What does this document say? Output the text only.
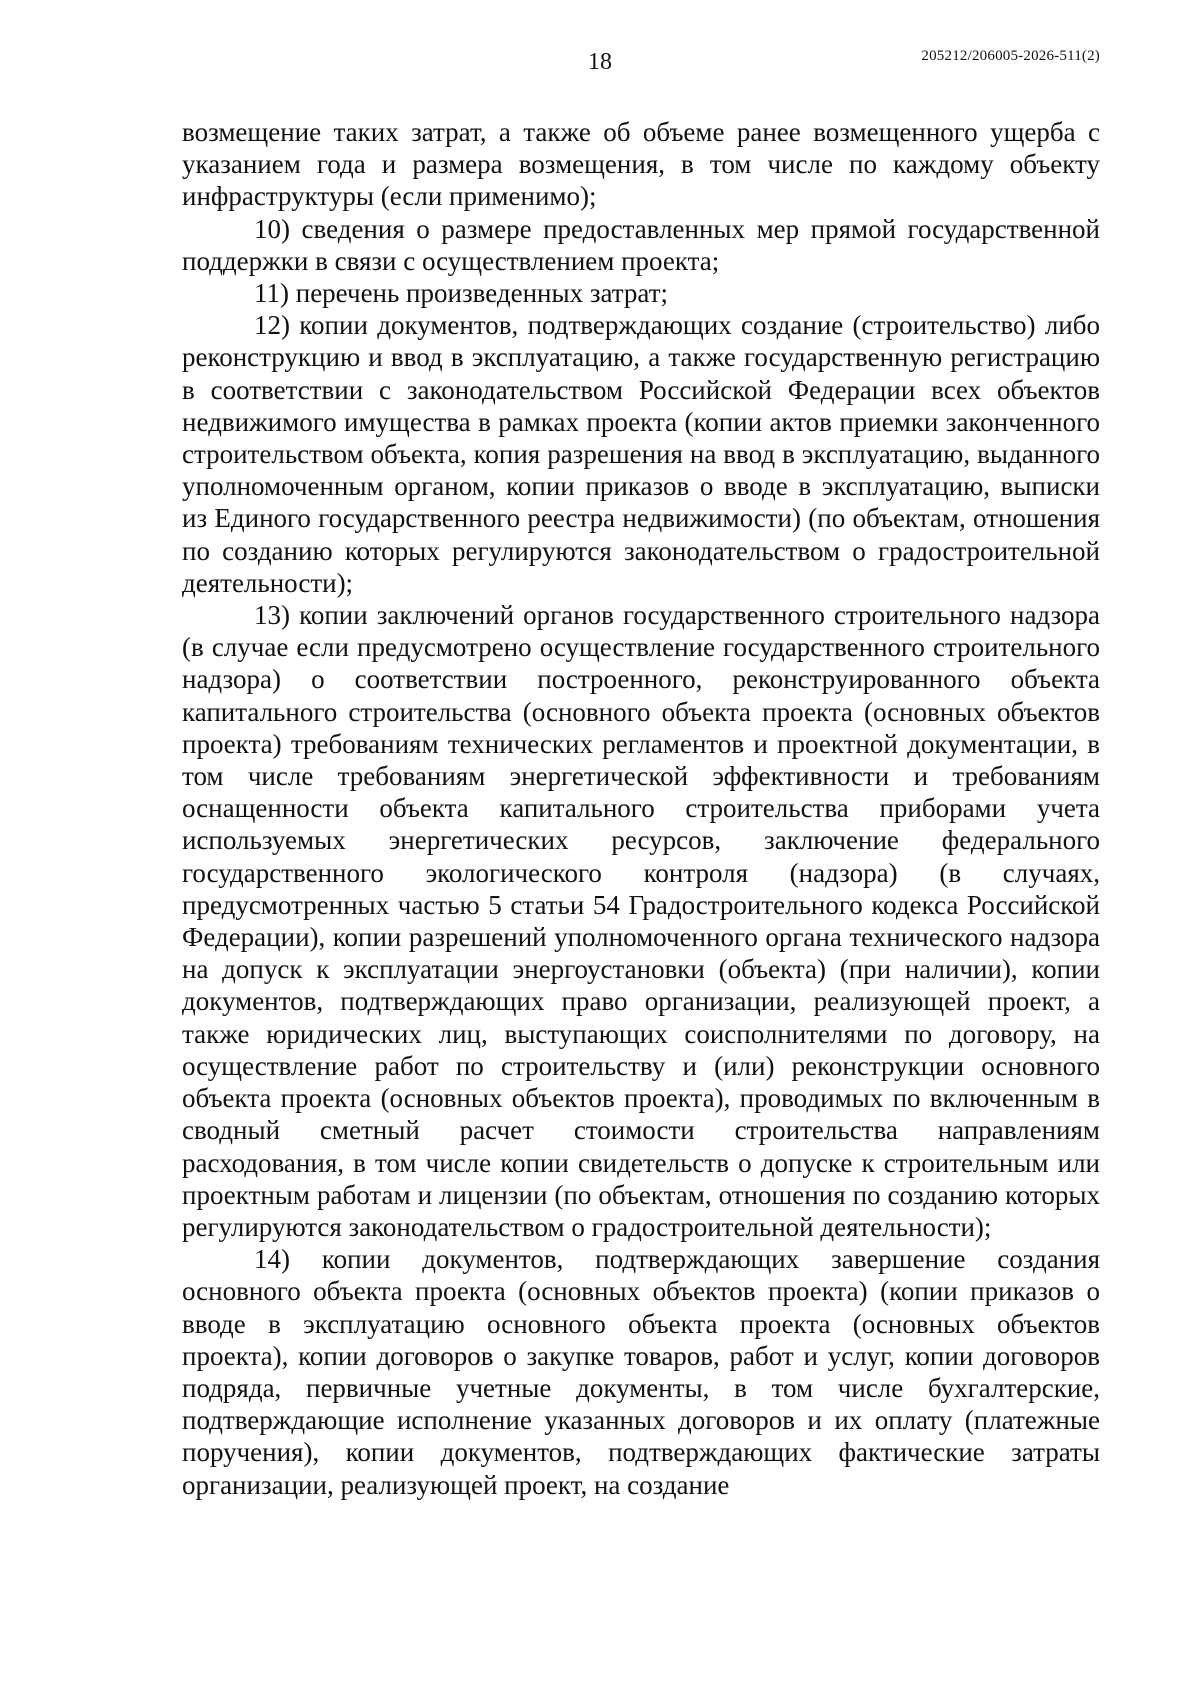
18	205212/206005-2026-511(2)

возмещение таких затрат, а также об объеме ранее возмещенного ущерба с указанием года и размера возмещения, в том числе по каждому объекту инфраструктуры (если применимо);

10) сведения о размере предоставленных мер прямой государственной поддержки в связи с осуществлением проекта;

11) перечень произведенных затрат;

12) копии документов, подтверждающих создание (строительство) либо реконструкцию и ввод в эксплуатацию, а также государственную регистрацию в соответствии с законодательством Российской Федерации всех объектов недвижимого имущества в рамках проекта (копии актов приемки законченного строительством объекта, копия разрешения на ввод в эксплуатацию, выданного уполномоченным органом, копии приказов о вводе в эксплуатацию, выписки из Единого государственного реестра недвижимости) (по объектам, отношения по созданию которых регулируются законодательством о градостроительной деятельности);

13) копии заключений органов государственного строительного надзора (в случае если предусмотрено осуществление государственного строительного надзора) о соответствии построенного, реконструированного объекта капитального строительства (основного объекта проекта (основных объектов проекта) требованиям технических регламентов и проектной документации, в том числе требованиям энергетической эффективности и требованиям оснащенности объекта капитального строительства приборами учета используемых энергетических ресурсов, заключение федерального государственного экологического контроля (надзора) (в случаях, предусмотренных частью 5 статьи 54 Градостроительного кодекса Российской Федерации), копии разрешений уполномоченного органа технического надзора на допуск к эксплуатации энергоустановки (объекта) (при наличии), копии документов, подтверждающих право организации, реализующей проект, а также юридических лиц, выступающих соисполнителями по договору, на осуществление работ по строительству и (или) реконструкции основного объекта проекта (основных объектов проекта), проводимых по включенным в сводный сметный расчет стоимости строительства направлениям расходования, в том числе копии свидетельств о допуске к строительным или проектным работам и лицензии (по объектам, отношения по созданию которых регулируются законодательством о градостроительной деятельности);

14) копии документов, подтверждающих завершение создания основного объекта проекта (основных объектов проекта) (копии приказов о вводе в эксплуатацию основного объекта проекта (основных объектов проекта), копии договоров о закупке товаров, работ и услуг, копии договоров подряда, первичные учетные документы, в том числе бухгалтерские, подтверждающие исполнение указанных договоров и их оплату (платежные поручения), копии документов, подтверждающих фактические затраты организации, реализующей проект, на создание
